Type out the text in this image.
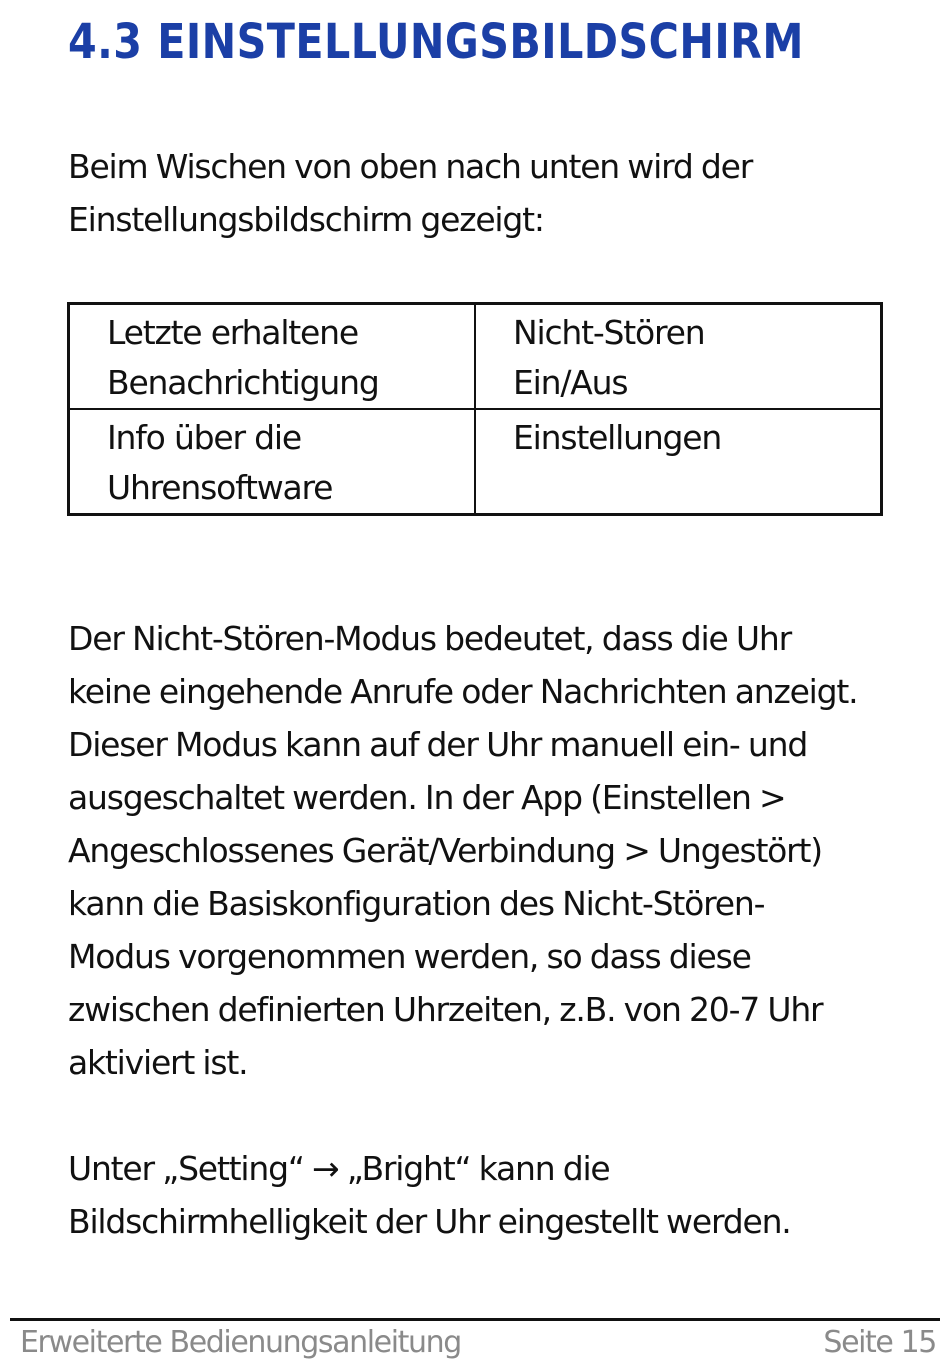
4.3 EINSTELLUNGSBILDSCHIRM

Beim Wischen von oben nach unten wird der
Einstellungsbildschirm gezeigt:

Letzte erhaltene
Benachrichtigung	Nicht-Stören
Ein/Aus

Info über die
Uhrensoftware	Einstellungen

Der Nicht-Stören-Modus bedeutet, dass die Uhr
keine eingehende Anrufe oder Nachrichten anzeigt.
Dieser Modus kann auf der Uhr manuell ein- und
ausgeschaltet werden. In der App (Einstellen >
Angeschlossenes Gerät/Verbindung > Ungestört)
kann die Basiskonfiguration des Nicht-Stören-
Modus vorgenommen werden, so dass diese
zwischen definierten Uhrzeiten, z.B. von 20-7 Uhr
aktiviert ist.

Unter „Setting“ → „Bright“ kann die
Bildschirmhelligkeit der Uhr eingestellt werden.

Erweiterte Bedienungsanleitung	Seite 15
